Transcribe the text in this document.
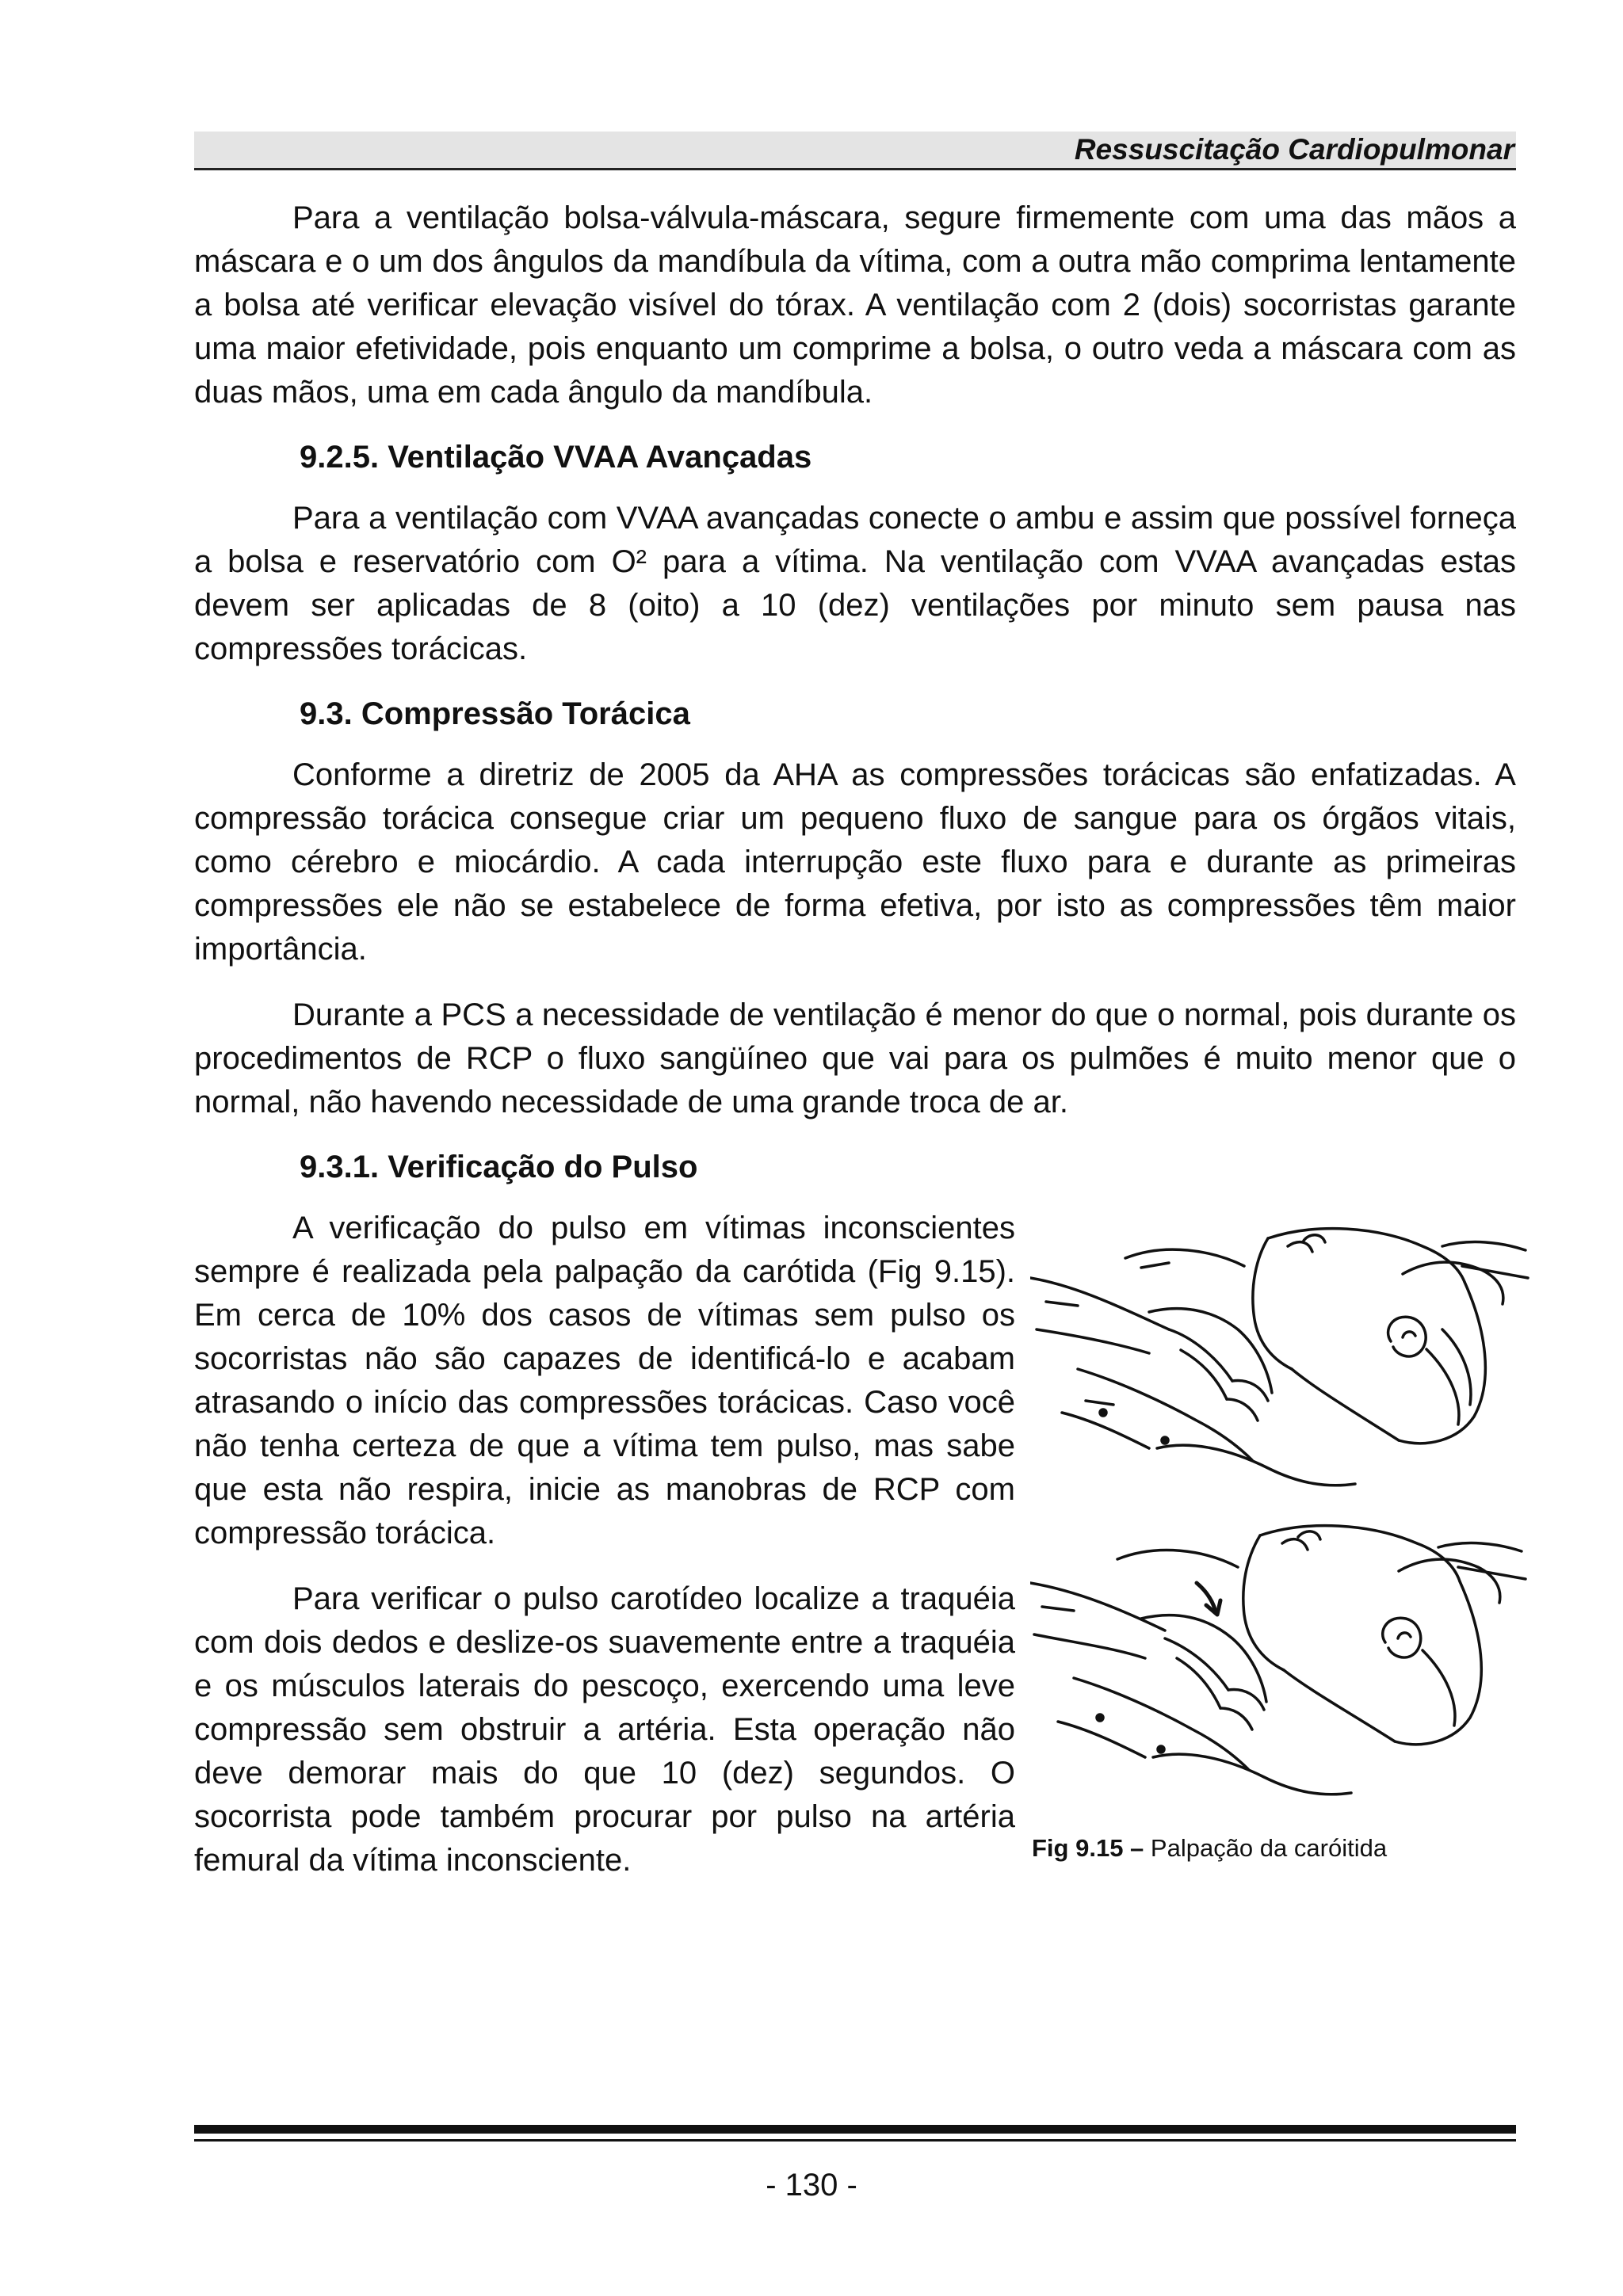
Ressuscitação Cardiopulmonar

Para a ventilação bolsa-válvula-máscara, segure firmemente com uma das mãos a máscara e o um dos ângulos da mandíbula da vítima, com a outra mão comprima lentamente a bolsa até verificar elevação visível do tórax. A ventilação com 2 (dois) socorristas garante uma maior efetividade, pois enquanto um comprime a bolsa, o outro veda a máscara com as duas mãos, uma em cada ângulo da mandíbula.

9.2.5. Ventilação VVAA Avançadas

Para a ventilação com VVAA avançadas conecte o ambu e assim que possível forneça a bolsa e reservatório com O² para a vítima. Na ventilação com VVAA avançadas estas devem ser aplicadas de 8 (oito) a 10 (dez) ventilações por minuto sem pausa nas compressões torácicas.

9.3. Compressão Torácica

Conforme a diretriz de 2005 da AHA as compressões torácicas são enfatizadas. A compressão torácica consegue criar um pequeno fluxo de sangue para os órgãos vitais, como cérebro e miocárdio. A cada interrupção este fluxo para e durante as primeiras compressões ele não se estabelece de forma efetiva, por isto as compressões têm maior importância.

Durante a PCS a necessidade de ventilação é menor do que o normal, pois durante os procedimentos de RCP o fluxo sangüíneo que vai para os pulmões é muito menor que o normal, não havendo necessidade de uma grande troca de ar.

9.3.1. Verificação do Pulso

A verificação do pulso em vítimas inconscientes sempre é realizada pela palpação da carótida (Fig 9.15). Em cerca de 10% dos casos de vítimas sem pulso os socorristas não são capazes de identificá-lo e acabam atrasando o início das compressões torácicas. Caso você não tenha certeza de que a vítima tem pulso, mas sabe que esta não respira, inicie as manobras de RCP com compressão torácica.

Para verificar o pulso carotídeo localize a traquéia com dois dedos e deslize-os suavemente entre a traquéia e os músculos laterais do pescoço, exercendo uma leve compressão sem obstruir a artéria. Esta operação não deve demorar mais do que 10 (dez) segundos. O socorrista pode também procurar por pulso na artéria femural da vítima inconsciente.	Fig 9.15 – Palpação da caróitida
- 130 -
